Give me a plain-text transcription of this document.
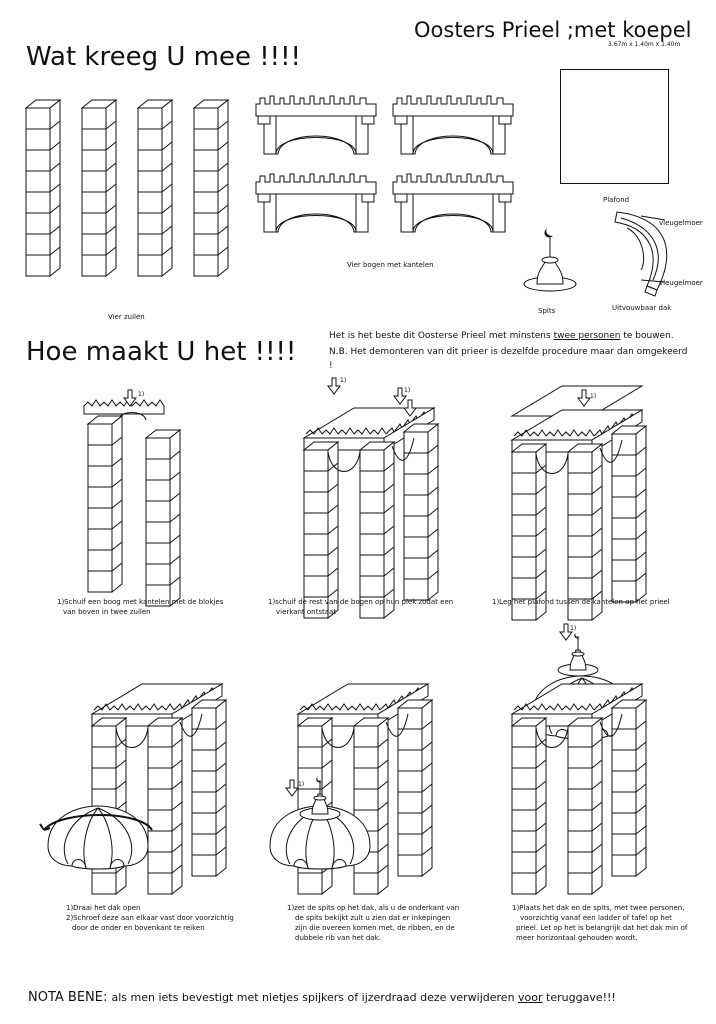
Oosters Prieel ;met koepel
3.67m x 1.40m x 1.40m
Wat kreeg U mee !!!!
Vier zuilen
Vier bogen met kantelen
Plafond
Spits
vleugelmoer
vleugelmoer
Uitvouwbaar dak
Hoe maakt U het !!!!
Het is het beste dit Oosterse Prieel met minstens twee personen te bouwen.
N.B. Het demonteren van dit prieer is dezelfde procedure maar dan omgekeerd
!
1)
1)Schuif een boog met kantelen met de blokjes
van boven in twee zuilen
1)
1)
1)schuif de rest van de bogen op hun plek zodat een
vierkant ontstaat
1)
1)Leg het plafond tussen de kantelen op het prieel
1)Draai het dak open
2)Schroef deze aan elkaar vast door voorzichtig
door de onder en bovenkant te reiken
1)
1)zet de spits op het dak, als u de onderkant van
de spits bekijkt zult u zien dat er inkepingen
zijn die overeen komen met, de ribben, en de
dubbele rib van het dak.
1)
1)Plaats het dak en de spits, met twee personen,
voorzichtig vanaf een ladder of tafel op het
prieel. Let op het is belangrijk dat het dak min of
meer horizontaal gehouden wordt.
NOTA BENE: als men iets bevestigt met nietjes spijkers of ijzerdraad deze verwijderen voor teruggave!!!
